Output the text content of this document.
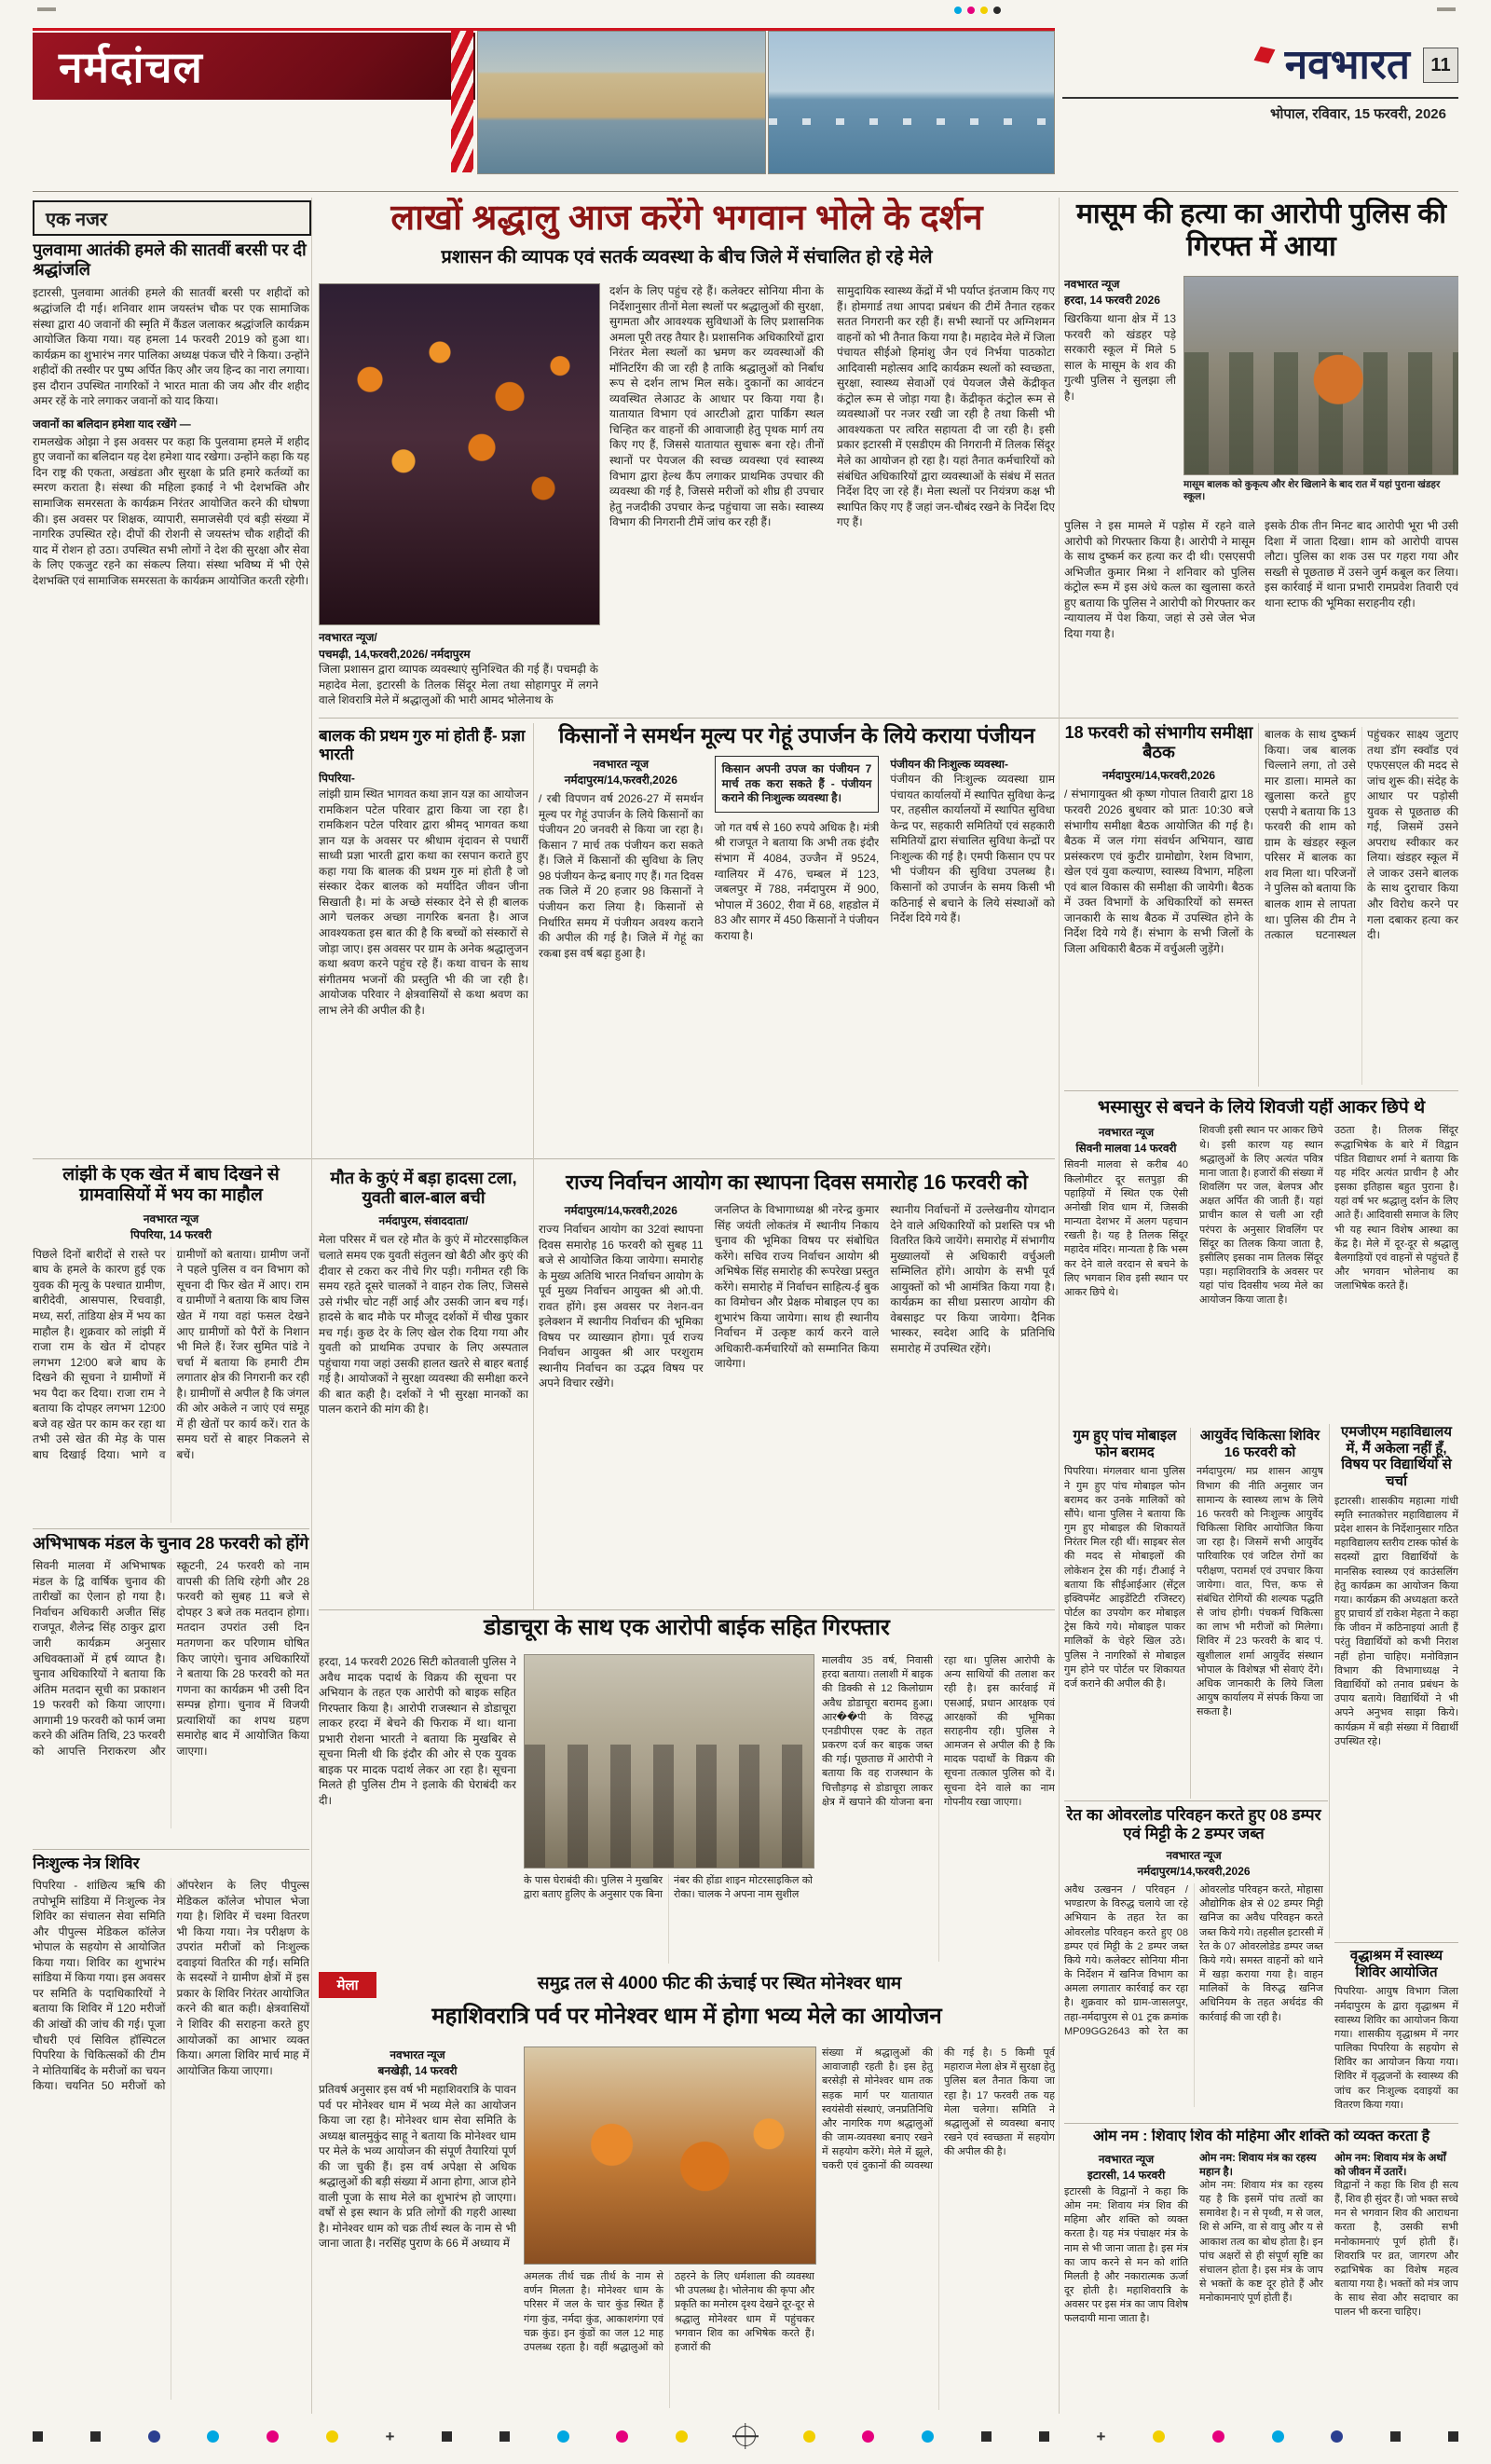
नर्मदांचल	नवभारत	11
भोपाल, रविवार, 15 फरवरी, 2026
एक नजर
पुलवामा आतंकी हमले की सातवीं बरसी पर दी श्रद्धांजलि
इटारसी, पुलवामा आतंकी हमले की सातवीं बरसी पर शहीदों को श्रद्धांजलि दी गई। शनिवार शाम जयस्तंभ चौक पर एक सामाजिक संस्था द्वारा 40 जवानों की स्मृति में कैंडल जलाकर श्रद्धांजलि कार्यक्रम आयोजित किया गया। यह हमला 14 फरवरी 2019 को हुआ था। कार्यक्रम का शुभारंभ नगर पालिका अध्यक्ष पंकज चौरे ने किया। उन्होंने शहीदों की तस्वीर पर पुष्प अर्पित किए और जय हिन्द का नारा लगाया। इस दौरान उपस्थित नागरिकों ने भारत माता की जय और वीर शहीद अमर रहें के नारे लगाकर जवानों को याद किया।
जवानों का बलिदान हमेशा याद रखेंगे —
रामलखेक ओझा ने इस अवसर पर कहा कि पुलवामा हमले में शहीद हुए जवानों का बलिदान यह देश हमेशा याद रखेगा। उन्होंने कहा कि यह दिन राष्ट्र की एकता, अखंडता और सुरक्षा के प्रति हमारे कर्तव्यों का स्मरण कराता है। संस्था की महिला इकाई ने भी देशभक्ति और सामाजिक समरसता के कार्यक्रम निरंतर आयोजित करने की घोषणा की। इस अवसर पर शिक्षक, व्यापारी, समाजसेवी एवं बड़ी संख्या में नागरिक उपस्थित रहे। दीपों की रोशनी से जयस्तंभ चौक शहीदों की याद में रोशन हो उठा। उपस्थित सभी लोगों ने देश की सुरक्षा और सेवा के लिए एकजुट रहने का संकल्प लिया। संस्था भविष्य में भी ऐसे देशभक्ति एवं सामाजिक समरसता के कार्यक्रम आयोजित करती रहेगी।
लाखों श्रद्धालु आज करेंगे भगवान भोले के दर्शन
प्रशासन की व्यापक एवं सतर्क व्यवस्था के बीच जिले में संचालित हो रहे मेले
नवभारत न्यूज/
पचमढ़ी, 14,फरवरी,2026/ नर्मदापुरम
जिला प्रशासन द्वारा व्यापक व्यवस्थाएं सुनिश्चित की गई हैं। पचमढ़ी के महादेव मेला, इटारसी के तिलक सिंदूर मेला तथा सोहागपुर में लगने वाले शिवरात्रि मेले में श्रद्धालुओं की भारी आमद भोलेनाथ के
दर्शन के लिए पहुंच रहे हैं। कलेक्टर सोनिया मीना के निर्देशानुसार तीनों मेला स्थलों पर श्रद्धालुओं की सुरक्षा, सुगमता और आवश्यक सुविधाओं के लिए प्रशासनिक अमला पूरी तरह तैयार है। प्रशासनिक अधिकारियों द्वारा निरंतर मेला स्थलों का भ्रमण कर व्यवस्थाओं की मॉनिटरिंग की जा रही है ताकि श्रद्धालुओं को निर्बाध रूप से दर्शन लाभ मिल सके। दुकानों का आवंटन व्यवस्थित लेआउट के आधार पर किया गया है। यातायात विभाग एवं आरटीओ द्वारा पार्किंग स्थल चिन्हित कर वाहनों की आवाजाही हेतु पृथक मार्ग तय किए गए हैं, जिससे यातायात सुचारू बना रहे। तीनों स्थानों पर पेयजल की स्वच्छ व्यवस्था एवं स्वास्थ्य विभाग द्वारा हेल्थ कैंप लगाकर प्राथमिक उपचार की व्यवस्था की गई है, जिससे मरीजों को शीघ्र ही उपचार हेतु नजदीकी उपचार केन्द्र पहुंचाया जा सके। स्वास्थ्य विभाग की निगरानी टीमें जांच कर रही हैं।
सामुदायिक स्वास्थ्य केंद्रों में भी पर्याप्त इंतजाम किए गए हैं। होमगार्ड तथा आपदा प्रबंधन की टीमें तैनात रहकर सतत निगरानी कर रही हैं। सभी स्थानों पर अग्निशमन वाहनों को भी तैनात किया गया है। महादेव मेले में जिला पंचायत सीईओ हिमांशु जैन एवं निर्भया पाठकोटा आदिवासी महोत्सव आदि कार्यक्रम स्थलों को स्वच्छता, सुरक्षा, स्वास्थ्य सेवाओं एवं पेयजल जैसे केंद्रीकृत कंट्रोल रूम से जोड़ा गया है। केंद्रीकृत कंट्रोल रूम से व्यवस्थाओं पर नजर रखी जा रही है तथा किसी भी आवश्यकता पर त्वरित सहायता दी जा रही है। इसी प्रकार इटारसी में एसडीएम की निगरानी में तिलक सिंदूर मेले का आयोजन हो रहा है। यहां तैनात कर्मचारियों को संबंधित अधिकारियों द्वारा व्यवस्थाओं के संबंध में सतत निर्देश दिए जा रहे हैं। मेला स्थलों पर नियंत्रण कक्ष भी स्थापित किए गए हैं जहां जन-चौबंद रखने के निर्देश दिए गए हैं।
मासूम की हत्या का आरोपी पुलिस की गिरफ्त में आया
नवभारत न्यूज
हरदा, 14 फरवरी 2026
खिरकिया थाना क्षेत्र में 13 फरवरी को खंडहर पड़े सरकारी स्कूल में मिले 5 साल के मासूम के शव की गुत्थी पुलिस ने सुलझा ली है।
मासूम बालक को कुकृत्य और शेर खिलाने के बाद रात में यहां पुराना खंडहर स्कूल।
पुलिस ने इस मामले में पड़ोस में रहने वाले आरोपी को गिरफ्तार किया है। आरोपी ने मासूम के साथ दुष्कर्म कर हत्या कर दी थी। एसएसपी अभिजीत कुमार मिश्रा ने शनिवार को पुलिस कंट्रोल रूम में इस अंधे कत्ल का खुलासा करते हुए बताया कि पुलिस ने आरोपी को गिरफ्तार कर न्यायालय में पेश किया, जहां से उसे जेल भेज दिया गया है।
इसके ठीक तीन मिनट बाद आरोपी भूरा भी उसी दिशा में जाता दिखा। शाम को आरोपी वापस लौटा। पुलिस का शक उस पर गहरा गया और सख्ती से पूछताछ में उसने जुर्म कबूल कर लिया। इस कार्रवाई में थाना प्रभारी रामप्रवेश तिवारी एवं थाना स्टाफ की भूमिका सराहनीय रही।
बालक की प्रथम गुरु मां होती हैं- प्रज्ञा भारती
पिपरिया-
लांझी ग्राम स्थित भागवत कथा ज्ञान यज्ञ का आयोजन रामकिशन पटेल परिवार द्वारा किया जा रहा है। रामकिशन पटेल परिवार द्वारा श्रीमद् भागवत कथा ज्ञान यज्ञ के अवसर पर श्रीधाम वृंदावन से पधारीं साध्वी प्रज्ञा भारती द्वारा कथा का रसपान कराते हुए कहा गया कि बालक की प्रथम गुरु मां होती है जो संस्कार देकर बालक को मर्यादित जीवन जीना सिखाती है। मां के अच्छे संस्कार देने से ही बालक आगे चलकर अच्छा नागरिक बनता है। आज आवश्यकता इस बात की है कि बच्चों को संस्कारों से जोड़ा जाए। इस अवसर पर ग्राम के अनेक श्रद्धालुजन कथा श्रवण करने पहुंच रहे हैं। कथा वाचन के साथ संगीतमय भजनों की प्रस्तुति भी की जा रही है। आयोजक परिवार ने क्षेत्रवासियों से कथा श्रवण का लाभ लेने की अपील की है।
किसानों ने समर्थन मूल्य पर गेहूं उपार्जन के लिये कराया पंजीयन
नवभारत न्यूज
नर्मदापुरम/14,फरवरी,2026
/ रबी विपणन वर्ष 2026-27 में समर्थन मूल्य पर गेहूं उपार्जन के लिये किसानों का पंजीयन 20 जनवरी से किया जा रहा है। किसान 7 मार्च तक पंजीयन करा सकते हैं। जिले में किसानों की सुविधा के लिए 98 पंजीयन केन्द्र बनाए गए हैं। गत दिवस तक जिले में 20 हजार 98 किसानों ने पंजीयन करा लिया है। किसानों से निर्धारित समय में पंजीयन अवश्य कराने की अपील की गई है। जिले में गेहूं का रकबा इस वर्ष बढ़ा हुआ है।
किसान अपनी उपज का पंजीयन 7 मार्च तक करा सकते हैं - पंजीयन कराने की निःशुल्क व्यवस्था है।
जो गत वर्ष से 160 रुपये अधिक है। मंत्री श्री राजपूत ने बताया कि अभी तक इंदौर संभाग में 4084, उज्जैन में 9524, ग्वालियर में 476, चम्बल में 123, जबलपुर में 788, नर्मदापुरम में 900, भोपाल में 3602, रीवा में 68, शहडोल में 83 और सागर में 450 किसानों ने पंजीयन कराया है।
पंजीयन की निःशुल्क व्यवस्था-
पंजीयन की निःशुल्क व्यवस्था ग्राम पंचायत कार्यालयों में स्थापित सुविधा केन्द्र पर, तहसील कार्यालयों में स्थापित सुविधा केन्द्र पर, सहकारी समितियों एवं सहकारी समितियों द्वारा संचालित सुविधा केन्द्रों पर निःशुल्क की गई है। एमपी किसान एप पर भी पंजीयन की सुविधा उपलब्ध है। किसानों को उपार्जन के समय किसी भी कठिनाई से बचाने के लिये संस्थाओं को निर्देश दिये गये हैं।
18 फरवरी को संभागीय समीक्षा बैठक
नर्मदापुरम/14,फरवरी,2026
/ संभागायुक्त श्री कृष्ण गोपाल तिवारी द्वारा 18 फरवरी 2026 बुधवार को प्रातः 10:30 बजे संभागीय समीक्षा बैठक आयोजित की गई है। बैठक में जल गंगा संवर्धन अभियान, खाद्य प्रसंस्करण एवं कुटीर ग्रामोद्योग, रेशम विभाग, खेल एवं युवा कल्याण, स्वास्थ्य विभाग, महिला एवं बाल विकास की समीक्षा की जायेगी। बैठक में उक्त विभागों के अधिकारियों को समस्त जानकारी के साथ बैठक में उपस्थित होने के निर्देश दिये गये हैं। संभाग के सभी जिलों के जिला अधिकारी बैठक में वर्चुअली जुड़ेंगे।
बालक के साथ दुष्कर्म किया। जब बालक चिल्लाने लगा, तो उसे मार डाला। मामले का खुलासा करते हुए एसपी ने बताया कि 13 फरवरी की शाम को ग्राम के खंडहर स्कूल परिसर में बालक का शव मिला था। परिजनों ने पुलिस को बताया कि बालक शाम से लापता था। पुलिस की टीम ने तत्काल घटनास्थल पहुंचकर साक्ष्य जुटाए तथा डॉग स्क्वॉड एवं एफएसएल की मदद से जांच शुरू की। संदेह के आधार पर पड़ोसी युवक से पूछताछ की गई, जिसमें उसने अपराध स्वीकार कर लिया। खंडहर स्कूल में ले जाकर उसने बालक के साथ दुराचार किया और विरोध करने पर गला दबाकर हत्या कर दी।
भस्मासुर से बचने के लिये शिवजी यहीं आकर छिपे थे
नवभारत न्यूज
सिवनी मालवा 14 फरवरी
सिवनी मालवा से करीब 40 किलोमीटर दूर सतपुड़ा की पहाड़ियों में स्थित एक ऐसी अनोखी शिव धाम में, जिसकी मान्यता देशभर में अलग पहचान रखती है। यह है तिलक सिंदूर महादेव मंदिर। मान्यता है कि भस्म कर देने वाले वरदान से बचने के लिए भगवान शिव इसी स्थान पर आकर छिपे थे।
शिवजी इसी स्थान पर आकर छिपे थे। इसी कारण यह स्थान श्रद्धालुओं के लिए अत्यंत पवित्र माना जाता है। हजारों की संख्या में शिवलिंग पर जल, बेलपत्र और अक्षत अर्पित की जाती हैं। यहां प्राचीन काल से चली आ रही परंपरा के अनुसार शिवलिंग पर सिंदूर का तिलक किया जाता है, इसीलिए इसका नाम तिलक सिंदूर पड़ा। महाशिवरात्रि के अवसर पर यहां पांच दिवसीय भव्य मेले का आयोजन किया जाता है।
उठता है। तिलक सिंदूर रूद्धाभिषेक के बारे में विद्वान पंडित विद्याधर शर्मा ने बताया कि यह मंदिर अत्यंत प्राचीन है और इसका इतिहास बहुत पुराना है। यहां वर्ष भर श्रद्धालु दर्शन के लिए आते हैं। आदिवासी समाज के लिए भी यह स्थान विशेष आस्था का केंद्र है। मेले में दूर-दूर से श्रद्धालु बैलगाड़ियों एवं वाहनों से पहुंचते हैं और भगवान भोलेनाथ का जलाभिषेक करते हैं।
लांझी के एक खेत में बाघ दिखने से ग्रामवासियों में भय का माहौल
नवभारत न्यूज
पिपरिया, 14 फरवरी
पिछले दिनों बारीदों से रास्ते पर बाघ के हमले के कारण हुई एक युवक की मृत्यु के पश्चात ग्रामीण, बारीदेवी, आसपास, रिचवाड़ी, मध्य, सर्रा, तांडिया क्षेत्र में भय का माहौल है। शुक्रवार को लांझी में राजा राम के खेत में दोपहर लगभग 12ः00 बजे बाघ के दिखने की सूचना ने ग्रामीणों में भय पैदा कर दिया। राजा राम ने बताया कि दोपहर लगभग 12ः00 बजे वह खेत पर काम कर रहा था तभी उसे खेत की मेड़ के पास बाघ दिखाई दिया। भागे व ग्रामीणों को बताया। ग्रामीण जनों ने पहले पुलिस व वन विभाग को सूचना दी फिर खेत में आए। राम व ग्रामीणों ने बताया कि बाघ जिस खेत में गया वहां फसल देखने आए ग्रामीणों को पैरों के निशान भी मिले हैं। रेंजर सुमित पांडे ने चर्चा में बताया कि हमारी टीम लगातार क्षेत्र की निगरानी कर रही है। ग्रामीणों से अपील है कि जंगल की ओर अकेले न जाएं एवं समूह में ही खेतों पर कार्य करें। रात के समय घरों से बाहर निकलने से बचें।
मौत के कुएं में बड़ा हादसा टला, युवती बाल-बाल बची
नर्मदापुरम, संवाददाता/
मेला परिसर में चल रहे मौत के कुएं में मोटरसाइकिल चलाते समय एक युवती संतुलन खो बैठी और कुएं की दीवार से टकरा कर नीचे गिर पड़ी। गनीमत रही कि समय रहते दूसरे चालकों ने वाहन रोक लिए, जिससे उसे गंभीर चोट नहीं आई और उसकी जान बच गई। हादसे के बाद मौके पर मौजूद दर्शकों में चीख पुकार मच गई। कुछ देर के लिए खेल रोक दिया गया और युवती को प्राथमिक उपचार के लिए अस्पताल पहुंचाया गया जहां उसकी हालत खतरे से बाहर बताई गई है। आयोजकों ने सुरक्षा व्यवस्था की समीक्षा करने की बात कही है। दर्शकों ने भी सुरक्षा मानकों का पालन कराने की मांग की है।
राज्य निर्वाचन आयोग का स्थापना दिवस समारोह 16 फरवरी को
नर्मदापुरम/14,फरवरी,2026
राज्य निर्वाचन आयोग का 32वां स्थापना दिवस समारोह 16 फरवरी को सुबह 11 बजे से आयोजित किया जायेगा। समारोह के मुख्य अतिथि भारत निर्वाचन आयोग के पूर्व मुख्य निर्वाचन आयुक्त श्री ओ.पी. रावत होंगे। इस अवसर पर नेशन-वन इलेक्शन में स्थानीय निर्वाचन की भूमिका विषय पर व्याख्यान होगा। पूर्व राज्य निर्वाचन आयुक्त श्री आर परशुराम स्थानीय निर्वाचन का उद्भव विषय पर अपने विचार रखेंगे।
जनलिप्त के विभागाध्यक्ष श्री नरेन्द्र कुमार सिंह जयंती लोकतंत्र में स्थानीय निकाय चुनाव की भूमिका विषय पर संबोधित करेंगे। सचिव राज्य निर्वाचन आयोग श्री अभिषेक सिंह समारोह की रूपरेखा प्रस्तुत करेंगे। समारोह में निर्वाचन साहित्य-ई बुक का विमोचन और प्रेक्षक मोबाइल एप का शुभारंभ किया जायेगा। साथ ही स्थानीय निर्वाचन में उत्कृष्ट कार्य करने वाले अधिकारी-कर्मचारियों को सम्मानित किया जायेगा।
स्थानीय निर्वाचनों में उल्लेखनीय योगदान देने वाले अधिकारियों को प्रशस्ति पत्र भी वितरित किये जायेंगे। समारोह में संभागीय मुख्यालयों से अधिकारी वर्चुअली सम्मिलित होंगे। आयोग के सभी पूर्व आयुक्तों को भी आमंत्रित किया गया है। कार्यक्रम का सीधा प्रसारण आयोग की वेबसाइट पर किया जायेगा। दैनिक भास्कर, स्वदेश आदि के प्रतिनिधि समारोह में उपस्थित रहेंगे।
गुम हुए पांच मोबाइल फोन बरामद
पिपरिया। मंगलवार थाना पुलिस ने गुम हुए पांच मोबाइल फोन बरामद कर उनके मालिकों को सौंपे। थाना पुलिस ने बताया कि गुम हुए मोबाइल की शिकायतें निरंतर मिल रही थीं। साइबर सेल की मदद से मोबाइलों की लोकेशन ट्रेस की गई। टीआई ने बताया कि सीईआईआर (सेंट्रल इक्विपमेंट आइडेंटिटी रजिस्टर) पोर्टल का उपयोग कर मोबाइल ट्रेस किये गये। मोबाइल पाकर मालिकों के चेहरे खिल उठे। पुलिस ने नागरिकों से मोबाइल गुम होने पर पोर्टल पर शिकायत दर्ज कराने की अपील की है।
आयुर्वेद चिकित्सा शिविर 16 फरवरी को
नर्मदापुरम/ मप्र शासन आयुष विभाग की नीति अनुसार जन सामान्य के स्वास्थ्य लाभ के लिये 16 फरवरी को निःशुल्क आयुर्वेद चिकित्सा शिविर आयोजित किया जा रहा है। जिसमें सभी आयुर्वेद पारिवारिक एवं जटिल रोगों का परीक्षण, परामर्श एवं उपचार किया जायेगा। वात, पित्त, कफ से संबंधित रोगियों की शल्यक पद्धति से जांच होगी। पंचकर्म चिकित्सा का लाभ भी मरीजों को मिलेगा। शिविर में 23 फरवरी के बाद पं. खुशीलाल शर्मा आयुर्वेद संस्थान भोपाल के विशेषज्ञ भी सेवाएं देंगे। अधिक जानकारी के लिये जिला आयुष कार्यालय में संपर्क किया जा सकता है।
एमजीएम महाविद्यालय में, मैं अकेला नहीं हूँ, विषय पर विद्यार्थियों से चर्चा
इटारसी। शासकीय महात्मा गांधी स्मृति स्नातकोत्तर महाविद्यालय में प्रदेश शासन के निर्देशानुसार गठित महाविद्यालय स्तरीय टास्क फोर्स के सदस्यों द्वारा विद्यार्थियों के मानसिक स्वास्थ्य एवं काउंसलिंग हेतु कार्यक्रम का आयोजन किया गया। कार्यक्रम की अध्यक्षता करते हुए प्राचार्य डॉ राकेश मेहता ने कहा कि जीवन में कठिनाइयां आती हैं परंतु विद्यार्थियों को कभी निराश नहीं होना चाहिए। मनोविज्ञान विभाग की विभागाध्यक्ष ने विद्यार्थियों को तनाव प्रबंधन के उपाय बताये। विद्यार्थियों ने भी अपने अनुभव साझा किये। कार्यक्रम में बड़ी संख्या में विद्यार्थी उपस्थित रहे।
रेत का ओवरलोड परिवहन करते हुए 08 डम्पर एवं मिट्टी के 2 डम्पर जब्त
नवभारत न्यूज
नर्मदापुरम/14,फरवरी,2026
अवैध उत्खनन / परिवहन / भण्डारण के विरुद्ध चलाये जा रहे अभियान के तहत रेत का ओवरलोड परिवहन करते हुए 08 डम्पर एवं मिट्टी के 2 डम्पर जब्त किये गये। कलेक्टर सोनिया मीना के निर्देशन में खनिज विभाग का अमला लगातार कार्रवाई कर रहा है। शुक्रवार को ग्राम-जासलपुर, तहा-नर्मदापुरम से 01 ट्रक क्रमांक MP09GG2643 को रेत का ओवरलोड परिवहन करते, मोहासा औद्योगिक क्षेत्र से 02 डम्पर मिट्टी खनिज का अवैध परिवहन करते जब्त किये गये। तहसील इटारसी में रेत के 07 ओवरलोडेड डम्पर जब्त किये गये। समस्त वाहनों को थाने में खड़ा कराया गया है। वाहन मालिकों के विरुद्ध खनिज अधिनियम के तहत अर्थदंड की कार्रवाई की जा रही है।
वृद्धाश्रम में स्वास्थ्य शिविर आयोजित
पिपरिया- आयुष विभाग जिला नर्मदापुरम के द्वारा वृद्धाश्रम में स्वास्थ्य शिविर का आयोजन किया गया। शासकीय वृद्धाश्रम में नगर पालिका पिपरिया के सहयोग से शिविर का आयोजन किया गया। शिविर में वृद्धजनों के स्वास्थ्य की जांच कर निःशुल्क दवाइयों का वितरण किया गया।
ओम नम : शिवाए शिव की महिमा और शक्ति को व्यक्त करता है
नवभारत न्यूज
इटारसी, 14 फरवरी
इटारसी के विद्वानों ने कहा कि ओम नम: शिवाय मंत्र शिव की महिमा और शक्ति को व्यक्त करता है। यह मंत्र पंचाक्षर मंत्र के नाम से भी जाना जाता है। इस मंत्र का जाप करने से मन को शांति मिलती है और नकारात्मक ऊर्जा दूर होती है। महाशिवरात्रि के अवसर पर इस मंत्र का जाप विशेष फलदायी माना जाता है।
ओम नम: शिवाय मंत्र का रहस्य महान है।
ओम नम: शिवाय मंत्र का रहस्य यह है कि इसमें पांच तत्वों का समावेश है। न से पृथ्वी, म से जल, शि से अग्नि, वा से वायु और य से आकाश तत्व का बोध होता है। इन पांच अक्षरों से ही संपूर्ण सृष्टि का संचालन होता है। इस मंत्र के जाप से भक्तों के कष्ट दूर होते हैं और मनोकामनाएं पूर्ण होती हैं।
ओम नम: शिवाय मंत्र के अर्थों को जीवन में उतारें।
विद्वानों ने कहा कि शिव ही सत्य हैं, शिव ही सुंदर हैं। जो भक्त सच्चे मन से भगवान शिव की आराधना करता है, उसकी सभी मनोकामनाएं पूर्ण होती हैं। शिवरात्रि पर व्रत, जागरण और रुद्राभिषेक का विशेष महत्व बताया गया है। भक्तों को मंत्र जाप के साथ सेवा और सदाचार का पालन भी करना चाहिए।
अभिभाषक मंडल के चुनाव 28 फरवरी को होंगे
सिवनी मालवा में अभिभाषक मंडल के द्वि वार्षिक चुनाव की तारीखों का ऐलान हो गया है। निर्वाचन अधिकारी अजीत सिंह राजपूत, शैलेन्द्र सिंह ठाकुर द्वारा जारी कार्यक्रम अनुसार अधिवक्ताओं में हर्ष व्याप्त है। चुनाव अधिकारियों ने बताया कि अंतिम मतदान सूची का प्रकाशन 19 फरवरी को किया जाएगा। आगामी 19 फरवरी को फार्म जमा करने की अंतिम तिथि, 23 फरवरी को आपत्ति निराकरण और स्क्रूटनी, 24 फरवरी को नाम वापसी की तिथि रहेगी और 28 फरवरी को सुबह 11 बजे से दोपहर 3 बजे तक मतदान होगा। मतदान उपरांत उसी दिन मतगणना कर परिणाम घोषित किए जाएंगे। चुनाव अधिकारियों ने बताया कि 28 फरवरी को मत गणना का कार्यक्रम भी उसी दिन सम्पन्न होगा। चुनाव में विजयी प्रत्याशियों का शपथ ग्रहण समारोह बाद में आयोजित किया जाएगा।
निःशुल्क नेत्र शिविर
पिपरिया - शांछित्य ऋषि की तपोभूमि सांडिया में निःशुल्क नेत्र शिविर का संचालन सेवा समिति और पीपुल्स मेडिकल कॉलेज भोपाल के सहयोग से आयोजित किया गया। शिविर का शुभारंभ सांडिया में किया गया। इस अवसर पर समिति के पदाधिकारियों ने बताया कि शिविर में 120 मरीजों की आंखों की जांच की गई। पूजा चौधरी एवं सिविल हॉस्पिटल पिपरिया के चिकित्सकों की टीम ने मोतियाबिंद के मरीजों का चयन किया। चयनित 50 मरीजों को ऑपरेशन के लिए पीपुल्स मेडिकल कॉलेज भोपाल भेजा गया है। शिविर में चश्मा वितरण भी किया गया। नेत्र परीक्षण के उपरांत मरीजों को निःशुल्क दवाइयां वितरित की गईं। समिति के सदस्यों ने ग्रामीण क्षेत्रों में इस प्रकार के शिविर निरंतर आयोजित करने की बात कही। क्षेत्रवासियों ने शिविर की सराहना करते हुए आयोजकों का आभार व्यक्त किया। अगला शिविर मार्च माह में आयोजित किया जाएगा।
डोडाचूरा के साथ एक आरोपी बाईक सहित गिरफ्तार
हरदा, 14 फरवरी 2026 सिटी कोतवाली पुलिस ने अवैध मादक पदार्थ के विक्रय की सूचना पर अभियान के तहत एक आरोपी को बाइक सहित गिरफ्तार किया है। आरोपी राजस्थान से डोडाचूरा लाकर हरदा में बेचने की फिराक में था। थाना प्रभारी रोशना भारती ने बताया कि मुखबिर से सूचना मिली थी कि इंदौर की ओर से एक युवक बाइक पर मादक पदार्थ लेकर आ रहा है। सूचना मिलते ही पुलिस टीम ने इलाके की घेराबंदी कर दी।
के पास घेराबंदी की। पुलिस ने मुखबिर द्वारा बताए हुलिए के अनुसार एक बिना नंबर की होंडा शाइन मोटरसाइकिल को रोका। चालक ने अपना नाम सुशील
मालवीय 35 वर्ष, निवासी हरदा बताया। तलाशी में बाइक की डिक्की से 12 किलोग्राम अवैध डोडाचूरा बरामद हुआ। आर��पी के विरुद्ध एनडीपीएस एक्ट के तहत प्रकरण दर्ज कर बाइक जब्त की गई। पूछताछ में आरोपी ने बताया कि वह राजस्थान के चित्तौड़गढ़ से डोडाचूरा लाकर क्षेत्र में खपाने की योजना बना रहा था। पुलिस आरोपी के अन्य साथियों की तलाश कर रही है। इस कार्रवाई में एसआई, प्रधान आरक्षक एवं आरक्षकों की भूमिका सराहनीय रही। पुलिस ने आमजन से अपील की है कि मादक पदार्थों के विक्रय की सूचना तत्काल पुलिस को दें। सूचना देने वाले का नाम गोपनीय रखा जाएगा।
मेला	समुद्र तल से 4000 फीट की ऊंचाई पर स्थित मोनेश्वर धाम
महाशिवरात्रि पर्व पर मोनेश्वर धाम में होगा भव्य मेले का आयोजन
नवभारत न्यूज
बनखेड़ी, 14 फरवरी
प्रतिवर्ष अनुसार इस वर्ष भी महाशिवरात्रि के पावन पर्व पर मोनेश्वर धाम में भव्य मेले का आयोजन किया जा रहा है। मोनेश्वर धाम सेवा समिति के अध्यक्ष बालमुकुंद साहू ने बताया कि मोनेश्वर धाम पर मेले के भव्य आयोजन की संपूर्ण तैयारियां पूर्ण की जा चुकी हैं। इस वर्ष अपेक्षा से अधिक श्रद्धालुओं की बड़ी संख्या में आना होगा, आज होने वाली पूजा के साथ मेले का शुभारंभ हो जाएगा। वर्षों से इस स्थान के प्रति लोगों की गहरी आस्था है। मोनेश्वर धाम को चक्र तीर्थ स्थल के नाम से भी जाना जाता है। नरसिंह पुराण के 66 में अध्याय में
अमलक तीर्थ चक्र तीर्थ के नाम से वर्णन मिलता है। मोनेश्वर धाम के परिसर में जल के चार कुंड स्थित हैं गंगा कुंड, नर्मदा कुंड, आकाशगंगा एवं चक्र कुंड। इन कुंडों का जल 12 माह उपलब्ध रहता है। वहीं श्रद्धालुओं को ठहरने के लिए धर्मशाला की व्यवस्था भी उपलब्ध है। भोलेनाथ की कृपा और प्रकृति का मनोरम दृश्य देखने दूर-दूर से श्रद्धालु मोनेश्वर धाम में पहुंचकर भगवान शिव का अभिषेक करते हैं। हजारों की
संख्या में श्रद्धालुओं की आवाजाही रहती है। इस हेतु बरसेड़ी से मोनेश्वर धाम तक सड़क मार्ग पर यातायात स्वयंसेवी संस्थाएं, जनप्रतिनिधि और नागरिक गण श्रद्धालुओं की जाम-व्यवस्था बनाए रखने में सहयोग करेंगे। मेले में झूले, चकरी एवं दुकानों की व्यवस्था की गई है। 5 किमी पूर्व महाराज मेला क्षेत्र में सुरक्षा हेतु पुलिस बल तैनात किया जा रहा है। 17 फरवरी तक यह मेला चलेगा। समिति ने श्रद्धालुओं से व्यवस्था बनाए रखने एवं स्वच्छता में सहयोग की अपील की है।
+	+
